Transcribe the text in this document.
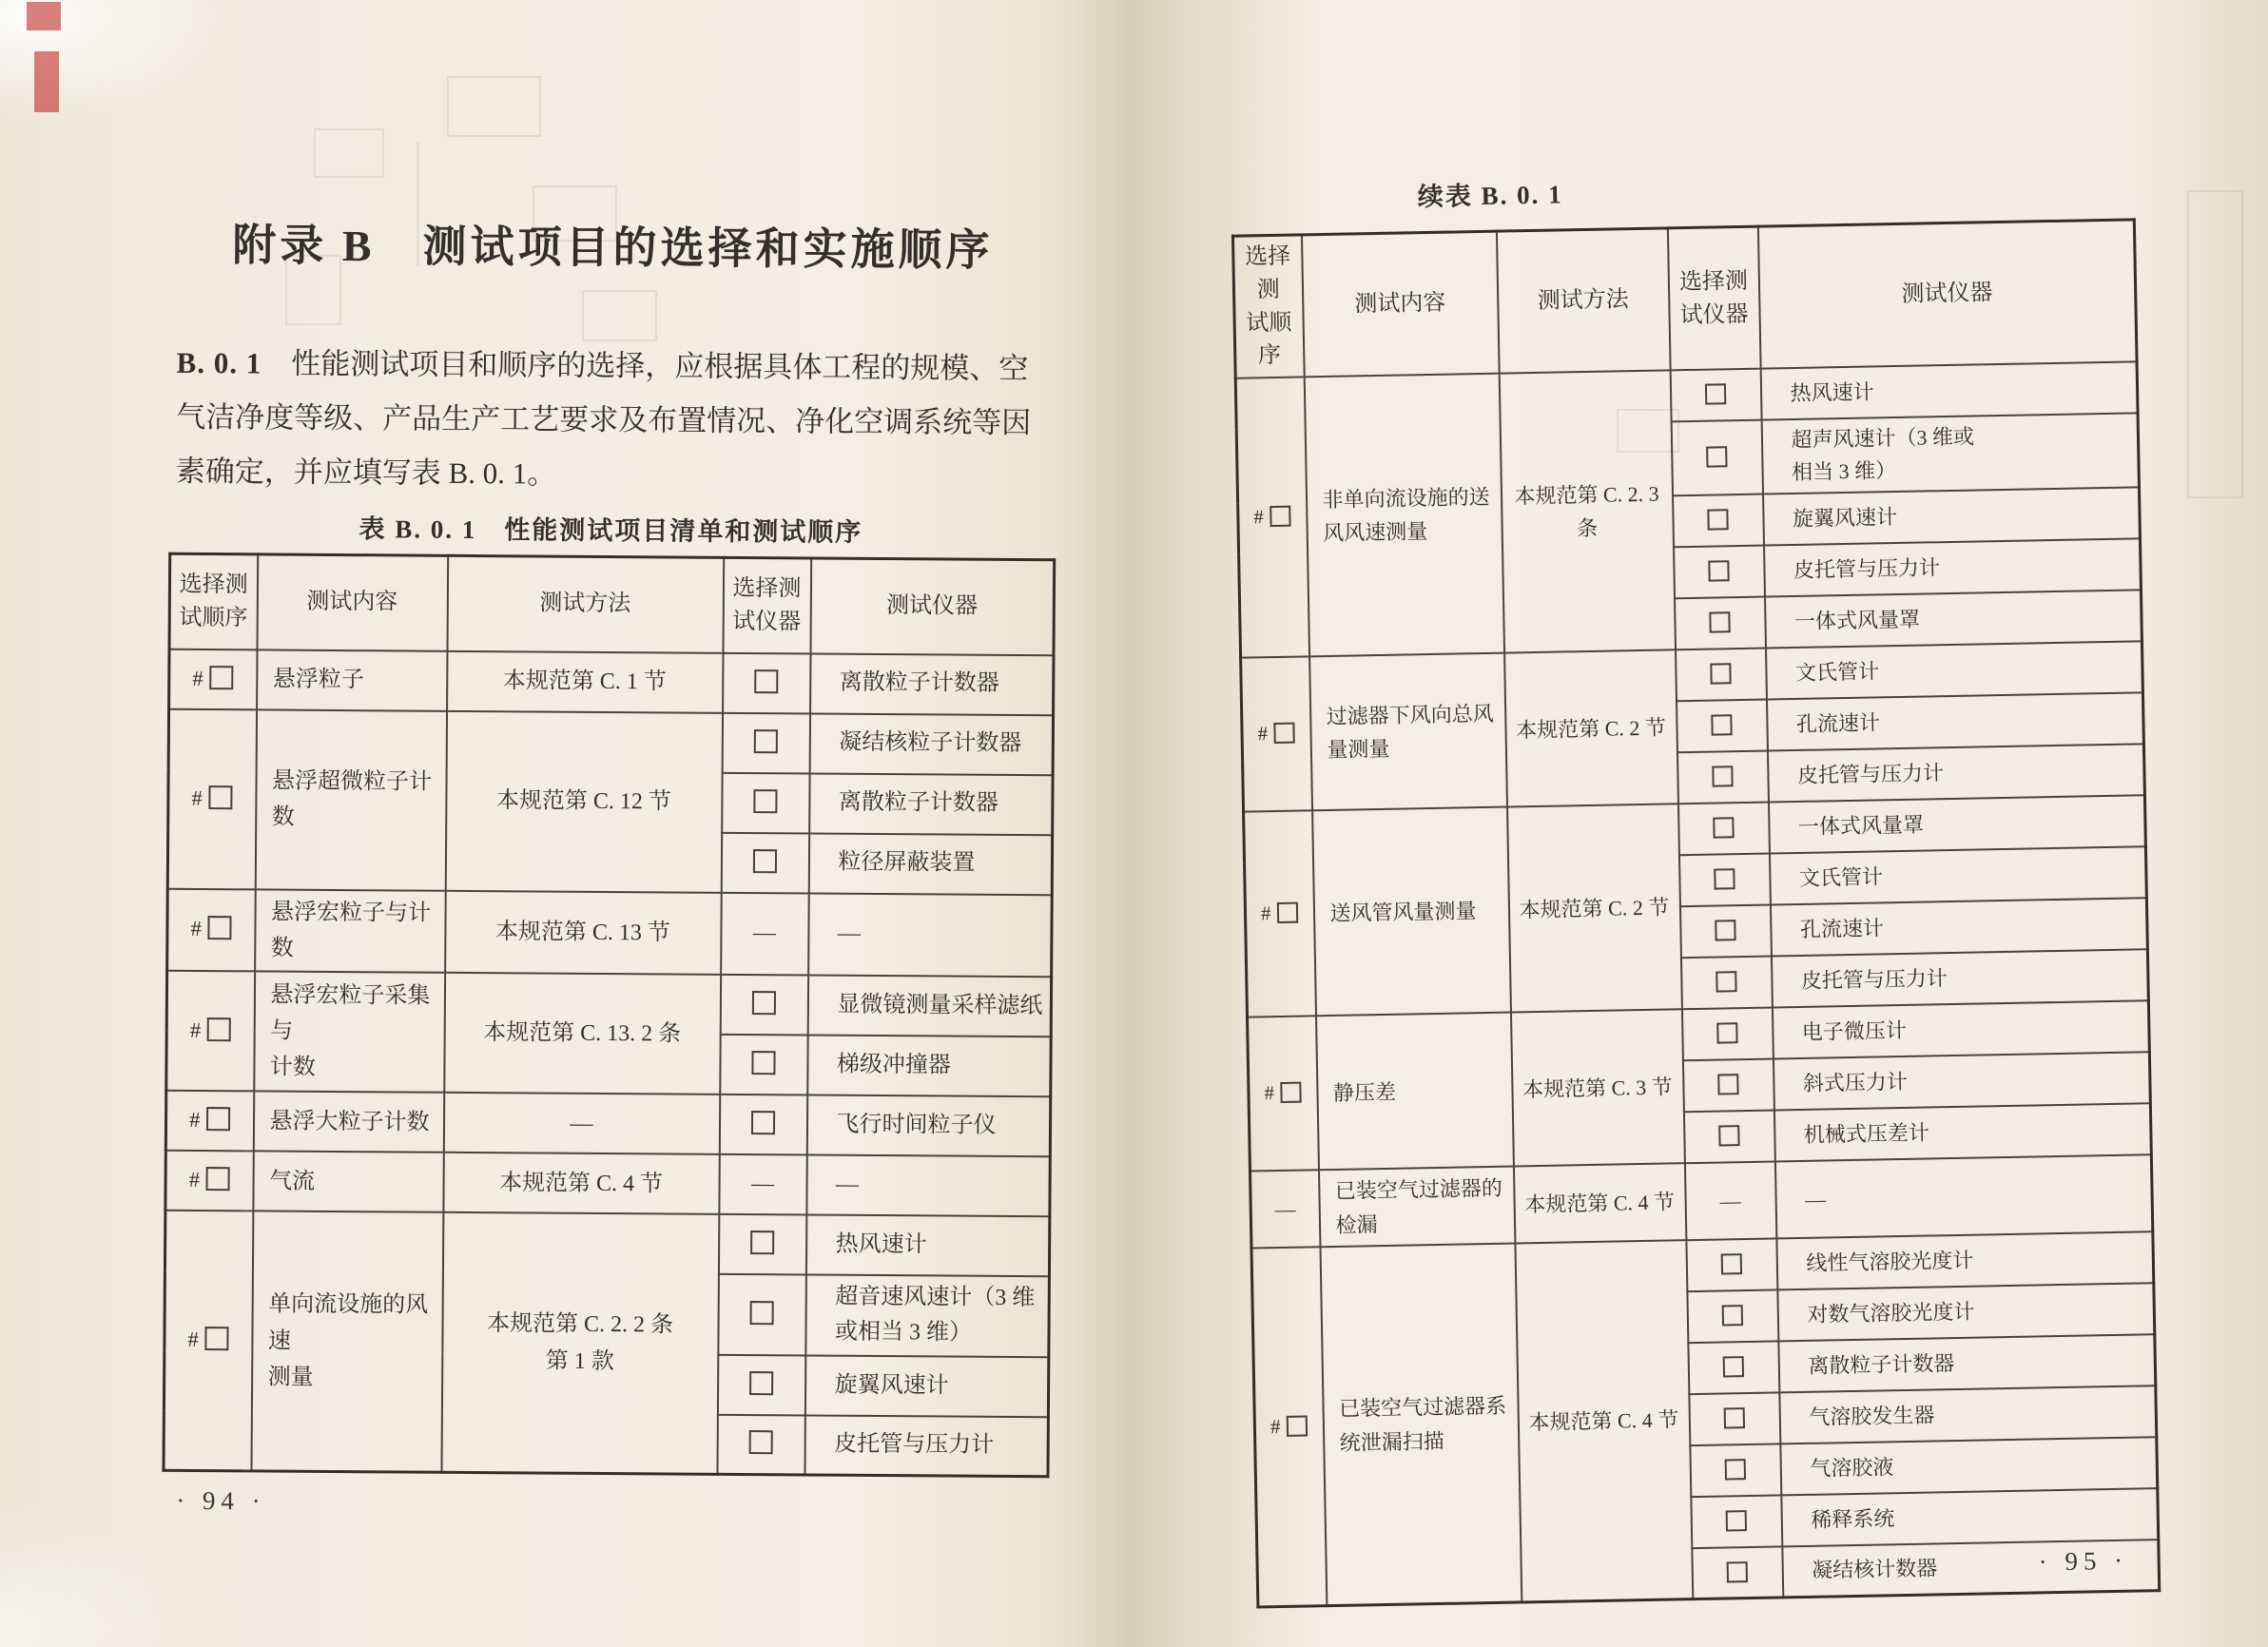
附录 B　测试项目的选择和实施顺序

B. 0. 1　性能测试项目和顺序的选择，应根据具体工程的规模、空
气洁净度等级、产品生产工艺要求及布置情况、净化空调系统等因
素确定，并应填写表 B. 0. 1。

表 B. 0. 1　性能测试项目清单和测试顺序
选择测
试顺序	测试内容	测试方法	选择测
试仪器	测试仪器
#	悬浮粒子	本规范第 C. 1 节		离散粒子计数器
#	悬浮超微粒子计数	本规范第 C. 12 节		凝结核粒子计数器
				离散粒子计数器
				粒径屏蔽装置
#	悬浮宏粒子与计数	本规范第 C. 13 节	—	—
#	悬浮宏粒子采集与
计数	本规范第 C. 13. 2 条		显微镜测量采样滤纸
				梯级冲撞器
#	悬浮大粒子计数	—		飞行时间粒子仪
#	气流	本规范第 C. 4 节	—	—
#	单向流设施的风速
测量	本规范第 C. 2. 2 条
第 1 款		热风速计
				超音速风速计（3 维
或相当 3 维）
				旋翼风速计
				皮托管与压力计
· 94 ·
续表 B. 0. 1
选择测
试顺序	测试内容	测试方法	选择测
试仪器	测试仪器
#	非单向流设施的送
风风速测量	本规范第 C. 2. 3 条		热风速计
				超声风速计（3 维或
相当 3 维）
				旋翼风速计
				皮托管与压力计
				一体式风量罩
#	过滤器下风向总风
量测量	本规范第 C. 2 节		文氏管计
				孔流速计
				皮托管与压力计
#	送风管风量测量	本规范第 C. 2 节		一体式风量罩
				文氏管计
				孔流速计
				皮托管与压力计
#	静压差	本规范第 C. 3 节		电子微压计
				斜式压力计
				机械式压差计
—	已装空气过滤器的
检漏	本规范第 C. 4 节	—	—
#	已装空气过滤器系
统泄漏扫描	本规范第 C. 4 节		线性气溶胶光度计
				对数气溶胶光度计
				离散粒子计数器
				气溶胶发生器
				气溶胶液
				稀释系统
				凝结核计数器	· 95 ·
